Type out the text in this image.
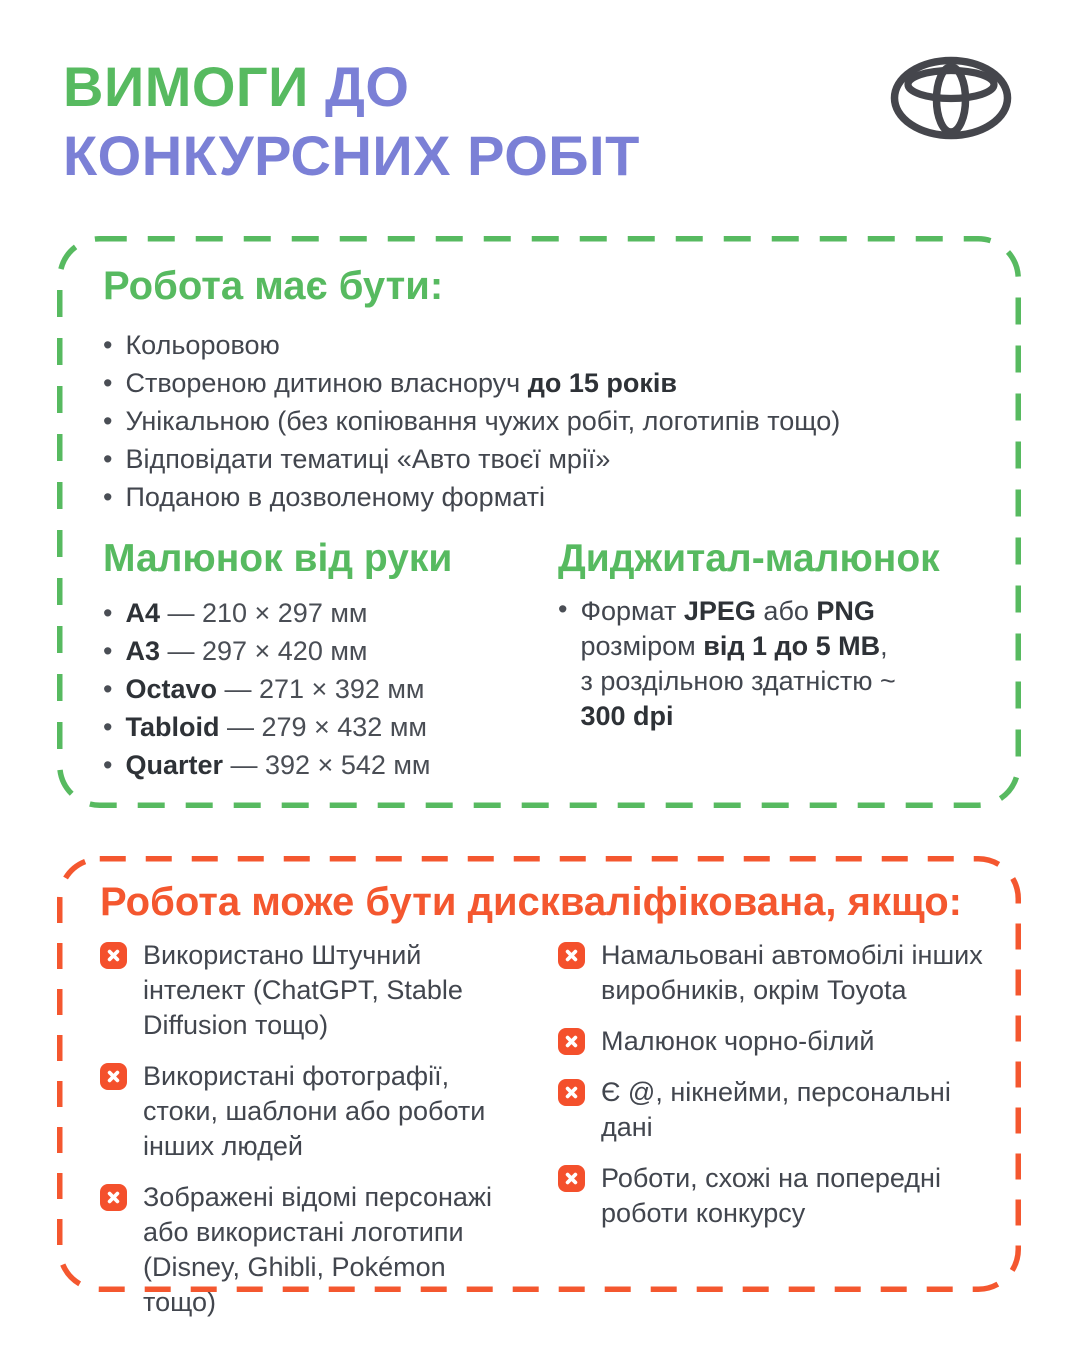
ВИМОГИ ДО
КОНКУРСНИХ РОБІТ
Робота має бути:
• Кольоровою
• Створеною дитиною власноруч до 15 років
• Унікальною (без копіювання чужих робіт, логотипів тощо)
• Відповідати тематиці «Авто твоєї мрії»
• Поданою в дозволеному форматі
Малюнок від руки
• A4 — 210 × 297 мм
• A3 — 297 × 420 мм
• Octavo — 271 × 392 мм
• Tabloid — 279 × 432 мм
• Quarter — 392 × 542 мм
Диджитал-малюнок
• Формат JPEG або PNG
розміром від 1 до 5 MB,
з роздільною здатністю ~
300 dpi
Робота може бути дискваліфікована, якщо:
Використано Штучний інтелект (ChatGPT, Stable Diffusion тощо)
Використані фотографії, стоки, шаблони або роботи інших людей
Зображені відомі персонажі або використані логотипи (Disney, Ghibli, Pokémon тощо)
Намальовані автомобілі інших виробників, окрім Toyota
Малюнок чорно-білий
Є @, нікнейми, персональні дані
Роботи, схожі на попередні роботи конкурсу
